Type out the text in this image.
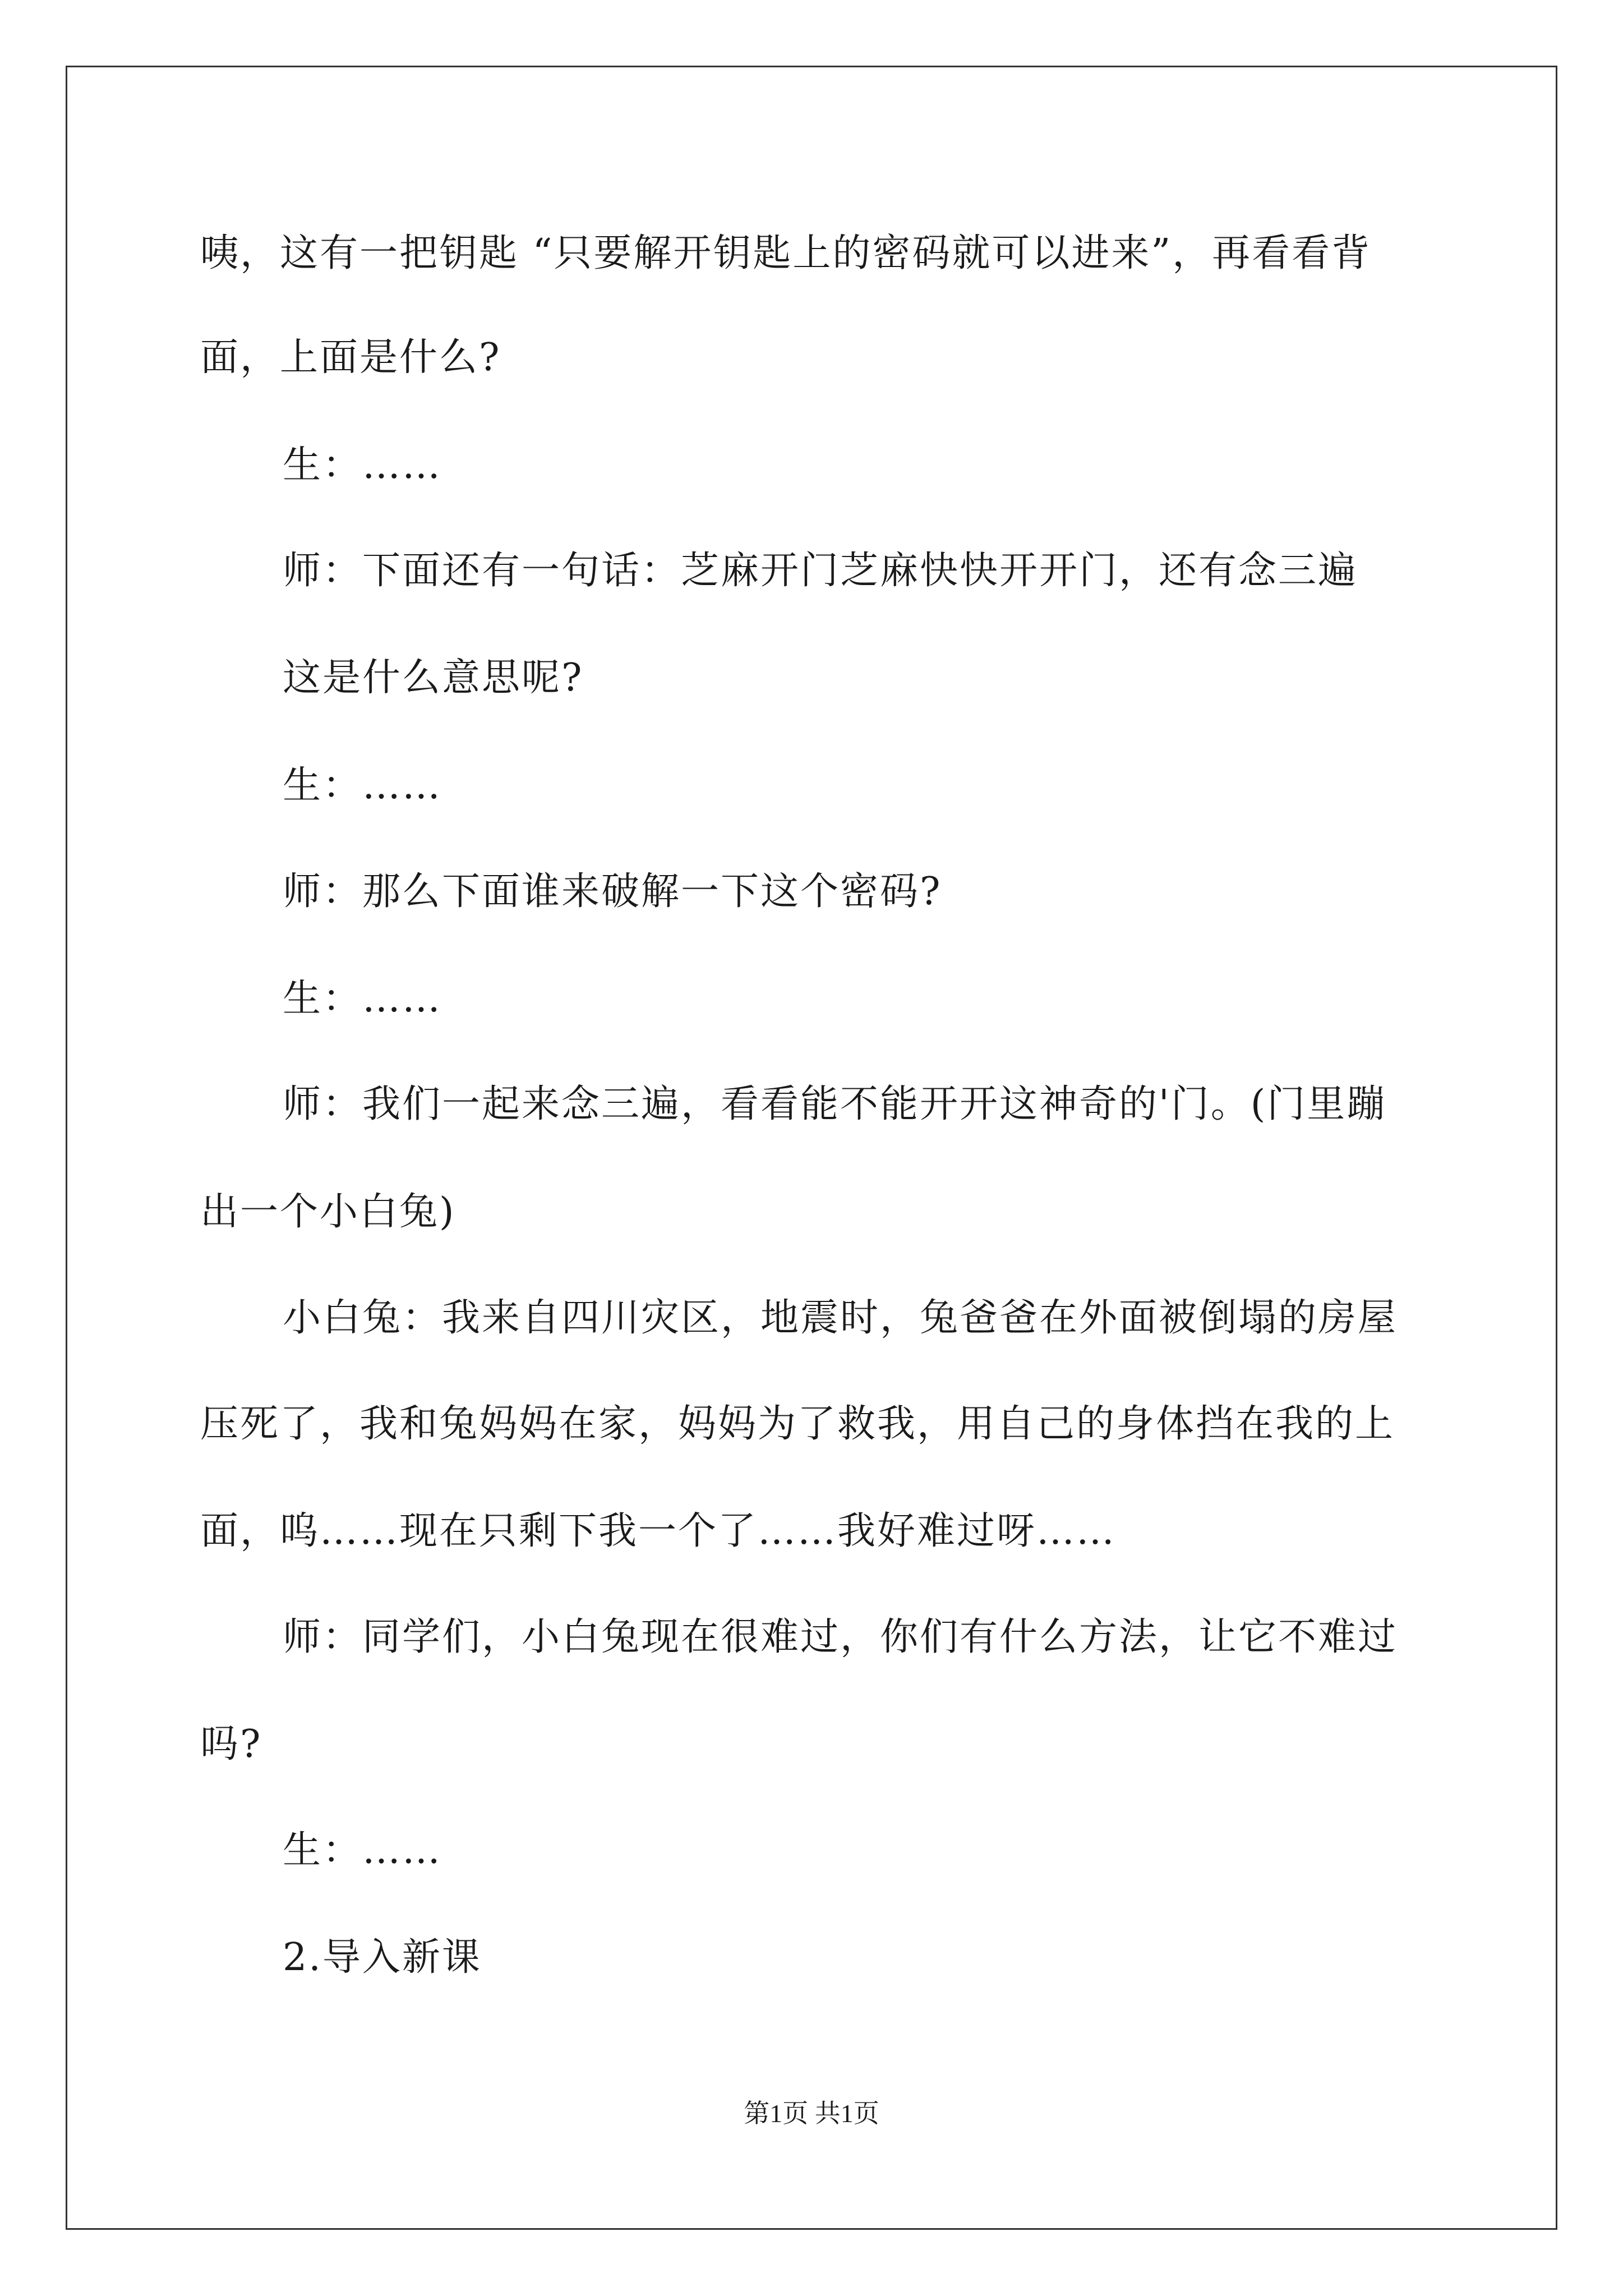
咦，这有一把钥匙 “只要解开钥匙上的密码就可以进来”，再看看背
面，上面是什么?
生：……
师：下面还有一句话：芝麻开门芝麻快快开开门，还有念三遍
这是什么意思呢?
生：……
师：那么下面谁来破解一下这个密码?
生：……
师：我们一起来念三遍，看看能不能开开这神奇的'门。(门里蹦
出一个小白兔)
小白兔：我来自四川灾区，地震时，兔爸爸在外面被倒塌的房屋
压死了，我和兔妈妈在家，妈妈为了救我，用自己的身体挡在我的上
面，呜……现在只剩下我一个了……我好难过呀……
师：同学们，小白兔现在很难过，你们有什么方法，让它不难过
吗?
生：……
2.导入新课
第1页 共1页
